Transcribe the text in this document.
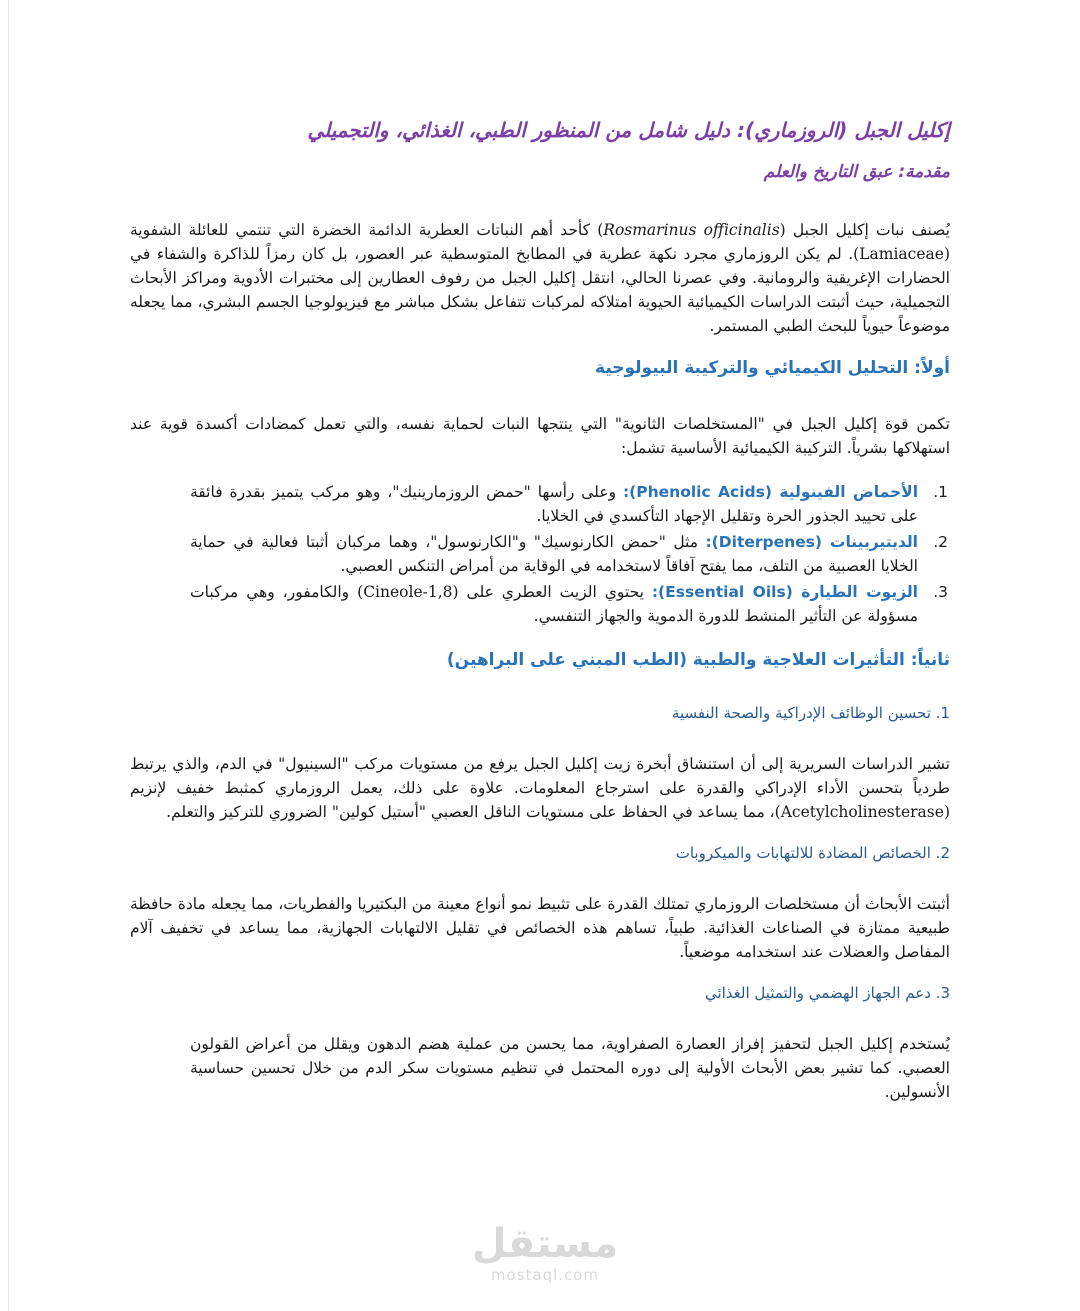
إكليل الجبل (الروزماري): دليل شامل من المنظور الطبي، الغذائي، والتجميلي
مقدمة: عبق التاريخ والعلم

يُصنف نبات إكليل الجبل (Rosmarinus officinalis) كأحد أهم النباتات العطرية الدائمة الخضرة التي تنتمي للعائلة الشفوية (Lamiaceae). لم يكن الروزماري مجرد نكهة عطرية في المطابخ المتوسطية عبر العصور، بل كان رمزاً للذاكرة والشفاء في الحضارات الإغريقية والرومانية. وفي عصرنا الحالي، انتقل إكليل الجبل من رفوف العطارين إلى مختبرات الأدوية ومراكز الأبحاث التجميلية، حيث أثبتت الدراسات الكيميائية الحيوية امتلاكه لمركبات تتفاعل بشكل مباشر مع فيزيولوجيا الجسم البشري، مما يجعله موضوعاً حيوياً للبحث الطبي المستمر.

أولاً: التحليل الكيميائي والتركيبة البيولوجية

تكمن قوة إكليل الجبل في "المستخلصات الثانوية" التي ينتجها النبات لحماية نفسه، والتي تعمل كمضادات أكسدة قوية عند استهلاكها بشرياً. التركيبة الكيميائية الأساسية تشمل:

1.
الأحماض الفينولية (Phenolic Acids): وعلى رأسها "حمض الروزمارينيك"، وهو مركب يتميز بقدرة فائقة على تحييد الجذور الحرة وتقليل الإجهاد التأكسدي في الخلايا.
2.
الديتيربينات (Diterpenes): مثل "حمض الكارنوسيك" و"الكارنوسول"، وهما مركبان أثبتا فعالية في حماية الخلايا العصبية من التلف، مما يفتح آفاقاً لاستخدامه في الوقاية من أمراض التنكس العصبي.
3.
الزيوت الطيارة (Essential Oils): يحتوي الزيت العطري على (1,8-Cineole) والكامفور، وهي مركبات مسؤولة عن التأثير المنشط للدورة الدموية والجهاز التنفسي.
ثانياً: التأثيرات العلاجية والطبية (الطب المبني على البراهين)
1. تحسين الوظائف الإدراكية والصحة النفسية

تشير الدراسات السريرية إلى أن استنشاق أبخرة زيت إكليل الجبل يرفع من مستويات مركب "السينيول" في الدم، والذي يرتبط طردياً بتحسن الأداء الإدراكي والقدرة على استرجاع المعلومات. علاوة على ذلك، يعمل الروزماري كمثبط خفيف لإنزيم (Acetylcholinesterase)، مما يساعد في الحفاظ على مستويات الناقل العصبي "أستيل كولين" الضروري للتركيز والتعلم.

2. الخصائص المضادة للالتهابات والميكروبات

أثبتت الأبحاث أن مستخلصات الروزماري تمتلك القدرة على تثبيط نمو أنواع معينة من البكتيريا والفطريات، مما يجعله مادة حافظة طبيعية ممتازة في الصناعات الغذائية. طبياً، تساهم هذه الخصائص في تقليل الالتهابات الجهازية، مما يساعد في تخفيف آلام المفاصل والعضلات عند استخدامه موضعياً.

3. دعم الجهاز الهضمي والتمثيل الغذائي

يُستخدم إكليل الجبل لتحفيز إفراز العصارة الصفراوية، مما يحسن من عملية هضم الدهون ويقلل من أعراض القولون العصبي. كما تشير بعض الأبحاث الأولية إلى دوره المحتمل في تنظيم مستويات سكر الدم من خلال تحسين حساسية الأنسولين.

مستقل
mostaql.com
